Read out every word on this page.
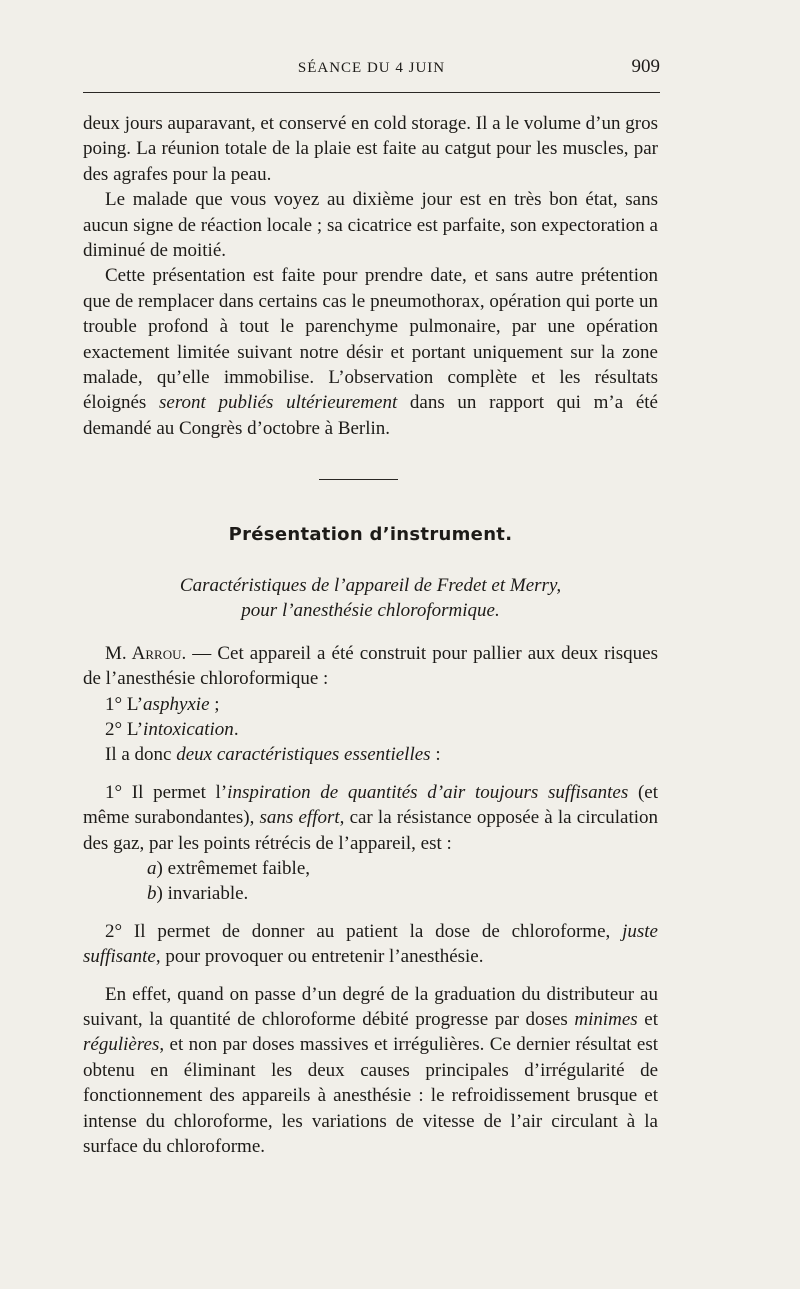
SÉANCE DU 4 JUIN	909

deux jours auparavant, et conservé en cold storage. Il a le volume d’un gros poing. La réunion totale de la plaie est faite au catgut pour les muscles, par des agrafes pour la peau.

Le malade que vous voyez au dixième jour est en très bon état, sans aucun signe de réaction locale ; sa cicatrice est parfaite, son expectoration a diminué de moitié.

Cette présentation est faite pour prendre date, et sans autre prétention que de remplacer dans certains cas le pneumothorax, opération qui porte un trouble profond à tout le parenchyme pulmonaire, par une opération exactement limitée suivant notre désir et portant uniquement sur la zone malade, qu’elle immobilise. L’observation complète et les résultats éloignés seront publiés ultérieurement dans un rapport qui m’a été demandé au Congrès d’octobre à Berlin.

Présentation d’instrument.
Caractéristiques de l’appareil de Fredet et Merry,
pour l’anesthésie chloroformique.

M. Arrou. — Cet appareil a été construit pour pallier aux deux risques de l’anesthésie chloroformique :

1° L’asphyxie ;

2° L’intoxication.

Il a donc deux caractéristiques essentielles :

1° Il permet l’inspiration de quantités d’air toujours suffisantes (et même surabondantes), sans effort, car la résistance opposée à la circulation des gaz, par les points rétrécis de l’appareil, est :

a) extrêmemet faible,

b) invariable.

2° Il permet de donner au patient la dose de chloroforme, juste suffisante, pour provoquer ou entretenir l’anesthésie.

En effet, quand on passe d’un degré de la graduation du distributeur au suivant, la quantité de chloroforme débité progresse par doses minimes et régulières, et non par doses massives et irrégulières. Ce dernier résultat est obtenu en éliminant les deux causes principales d’irrégularité de fonctionnement des appareils à anesthésie : le refroidissement brusque et intense du chloroforme, les variations de vitesse de l’air circulant à la surface du chloroforme.
